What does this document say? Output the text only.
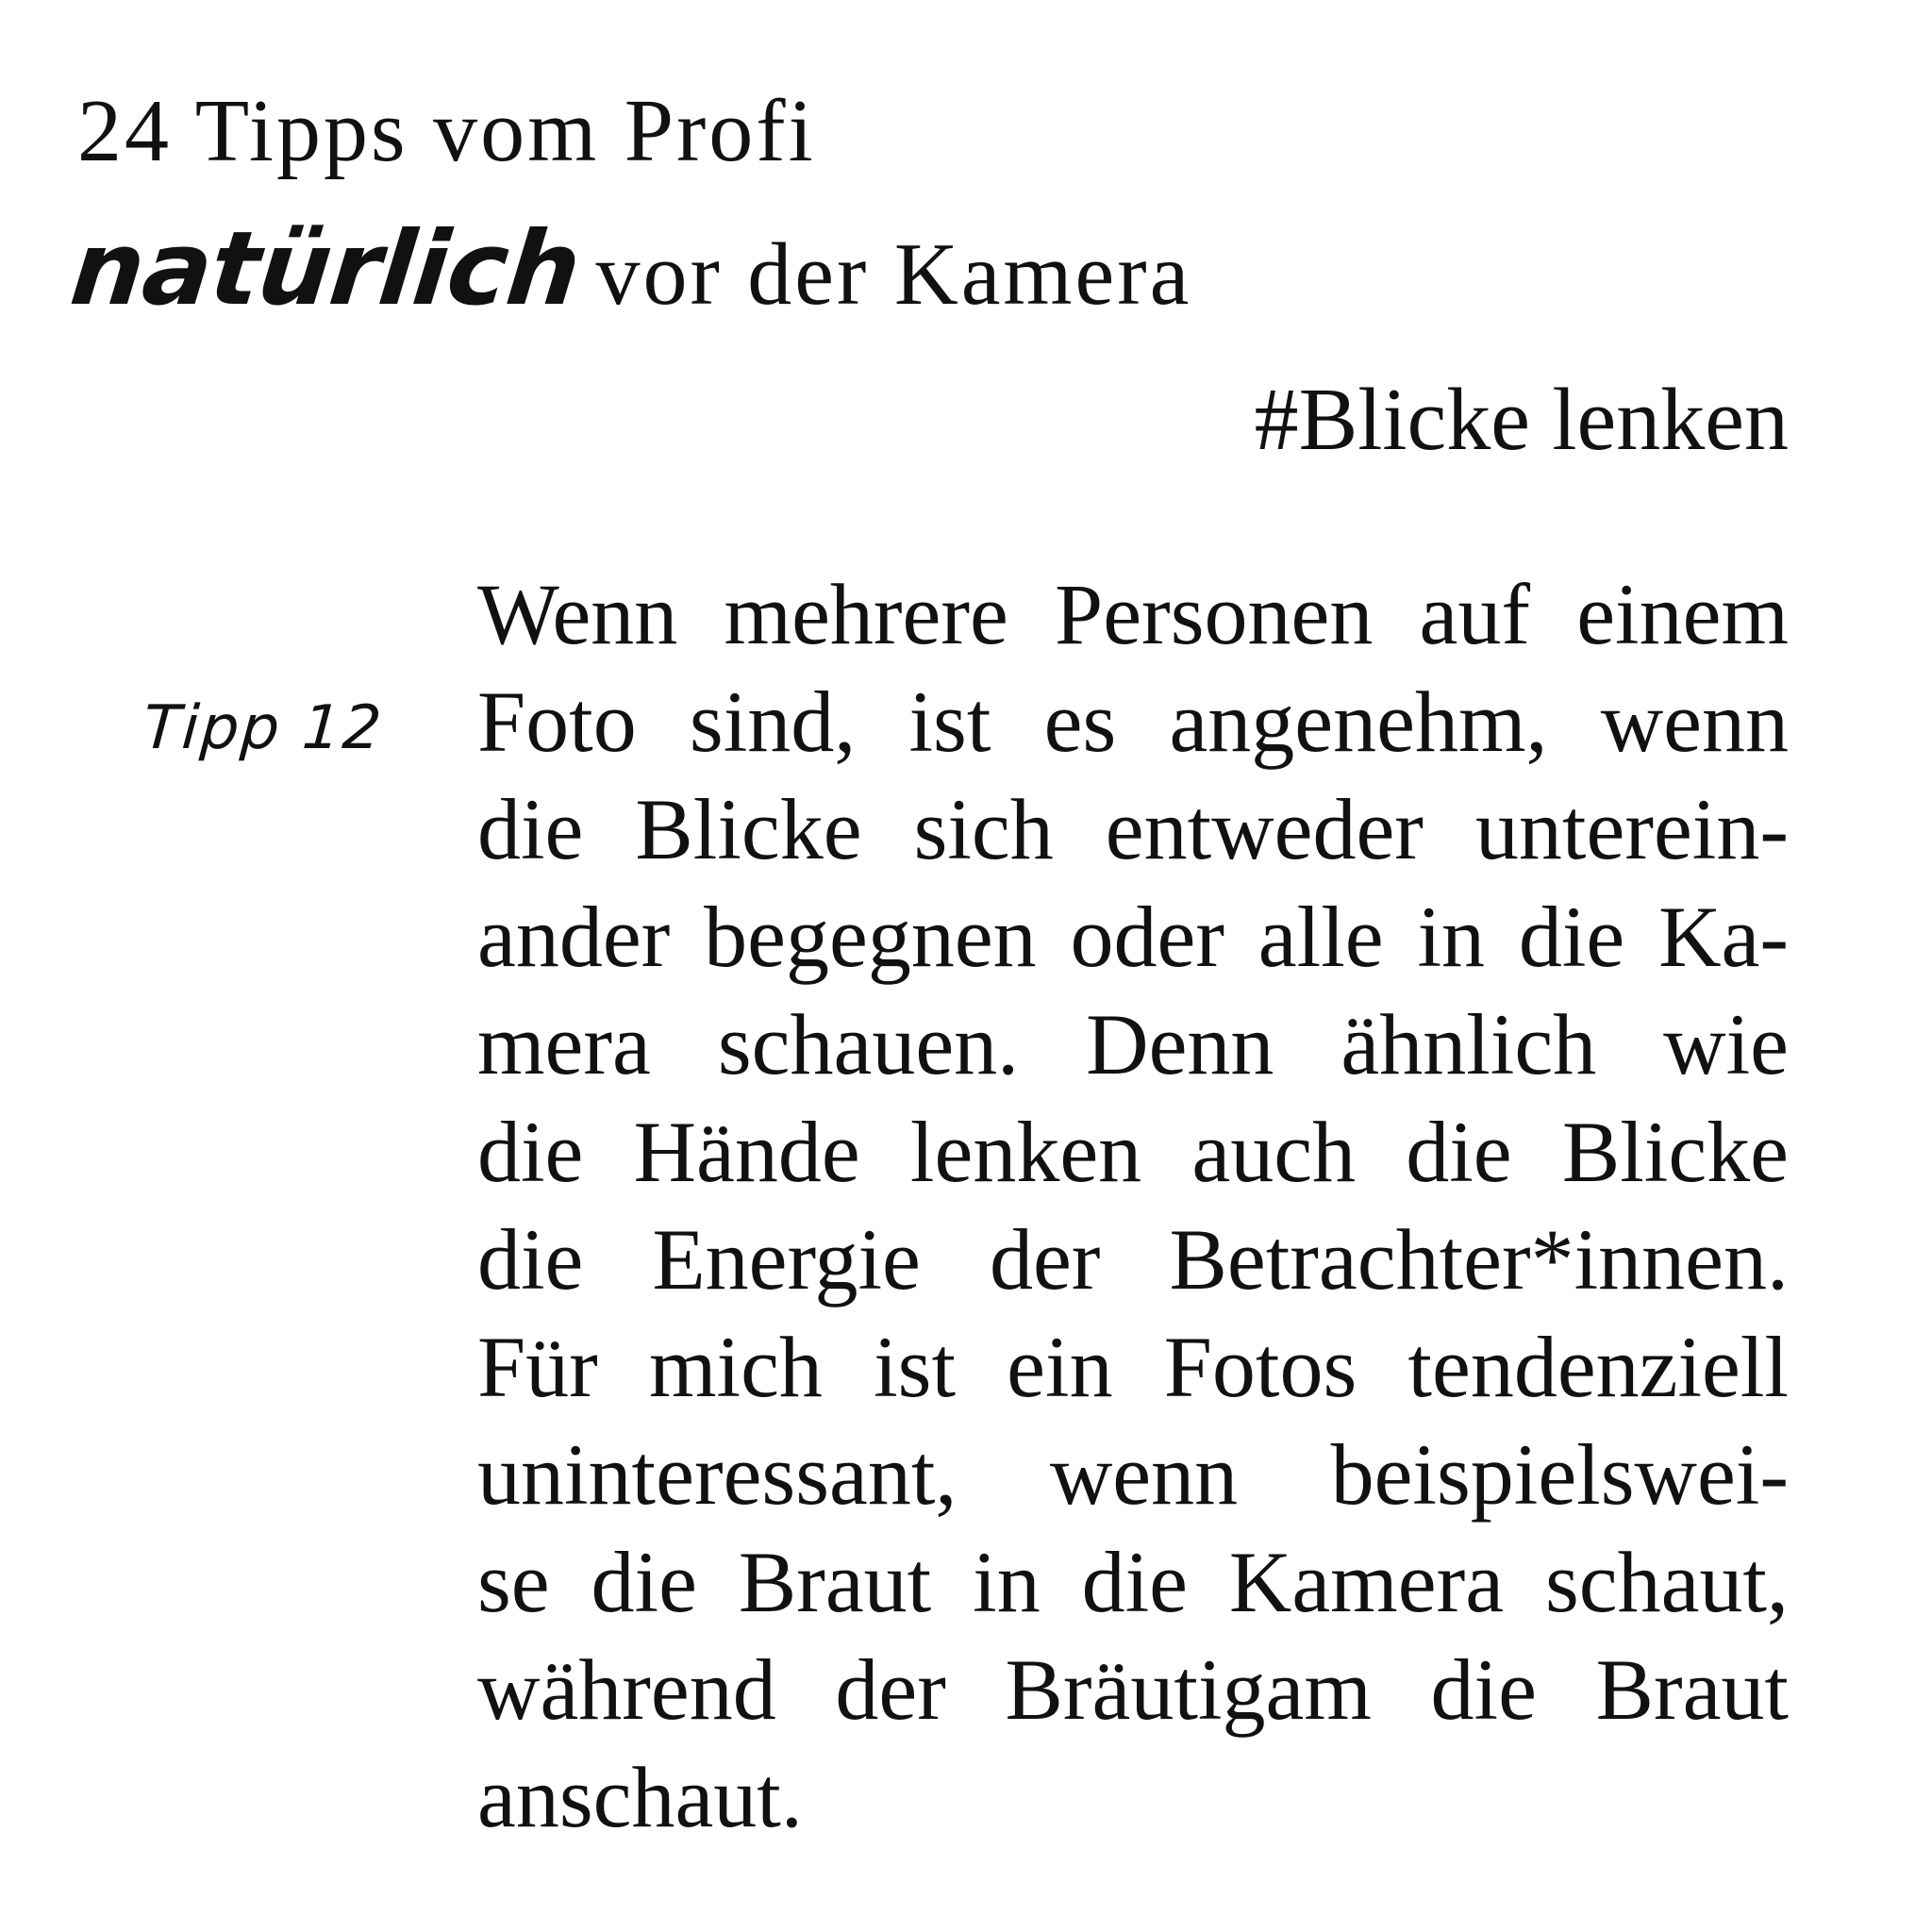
24 Tipps vom Profi
natürlich vor der Kamera
#Blicke lenken
Tipp 12
Wenn mehrere Personen auf einem
Foto sind, ist es angenehm, wenn
die Blicke sich entweder unterein-
ander begegnen oder alle in die Ka-
mera schauen. Denn ähnlich wie
die Hände lenken auch die Blicke
die Energie der Betrachter*innen.
Für mich ist ein Fotos tendenziell
uninteressant, wenn beispielswei-
se die Braut in die Kamera schaut,
während der Bräutigam die Braut
anschaut.
